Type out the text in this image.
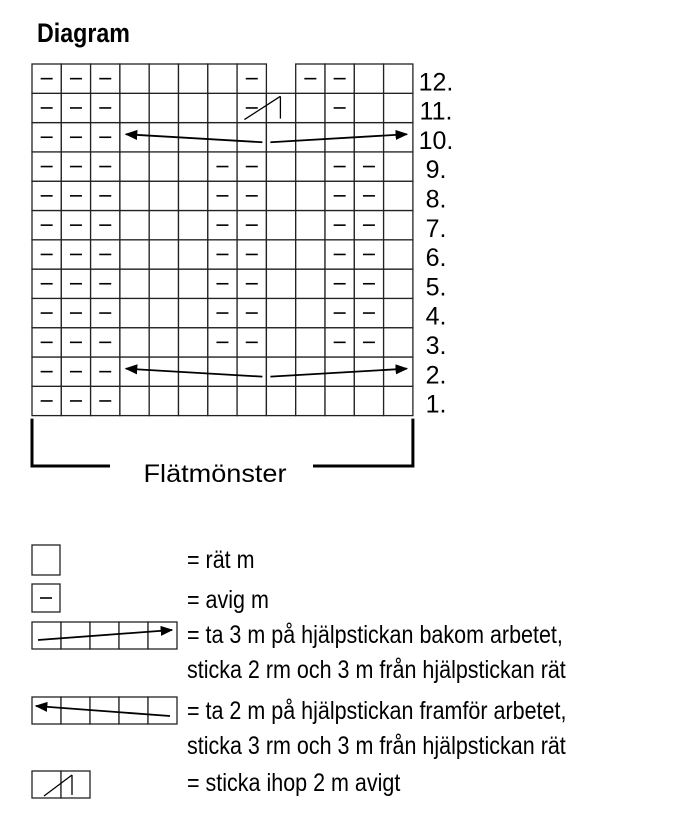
Diagram
1.
2.
3.
4.
5.
6.
7.
8.
9.
10.
11.
12.
Flätmönster
= rät m
= avig m
= ta 3 m på hjälpstickan bakom arbetet,
sticka 2 rm och 3 m från hjälpstickan rät
= ta 2 m på hjälpstickan framför arbetet,
sticka 3 rm och 3 m från hjälpstickan rät
= sticka ihop 2 m avigt
